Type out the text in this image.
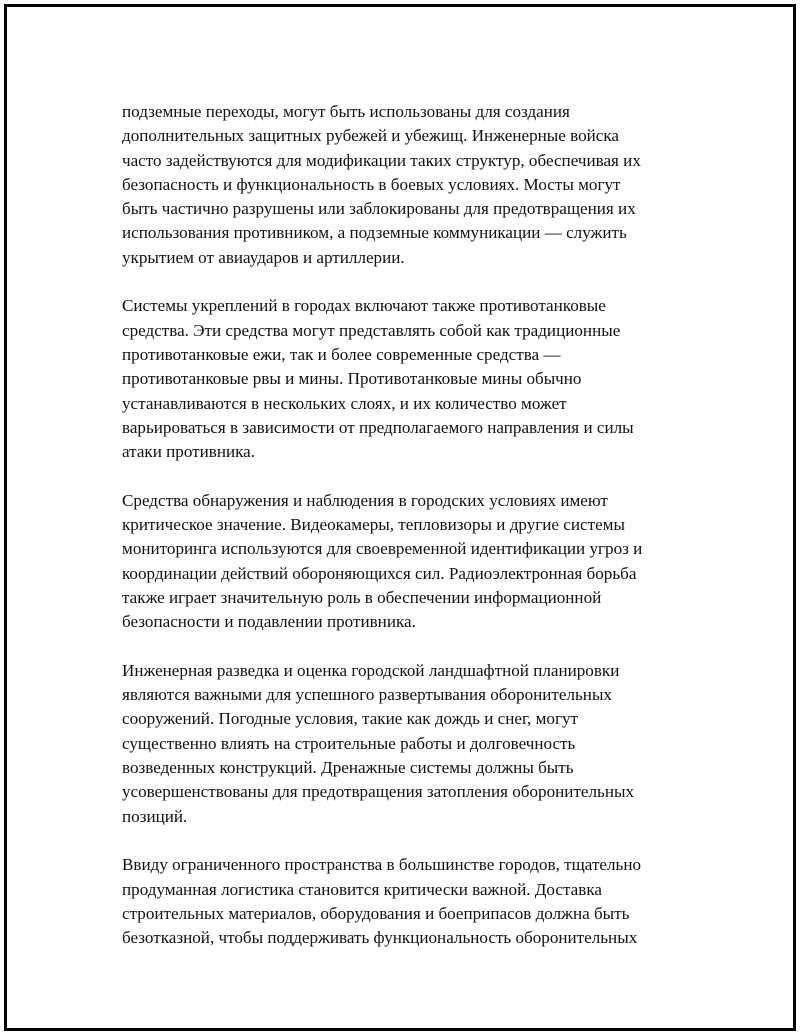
подземные переходы, могут быть использованы для создания
дополнительных защитных рубежей и убежищ. Инженерные войска
часто задействуются для модификации таких структур, обеспечивая их
безопасность и функциональность в боевых условиях. Мосты могут
быть частично разрушены или заблокированы для предотвращения их
использования противником, а подземные коммуникации — служить
укрытием от авиаударов и артиллерии.

Системы укреплений в городах включают также противотанковые
средства. Эти средства могут представлять собой как традиционные
противотанковые ежи, так и более современные средства —
противотанковые рвы и мины. Противотанковые мины обычно
устанавливаются в нескольких слоях, и их количество может
варьироваться в зависимости от предполагаемого направления и силы
атаки противника.

Средства обнаружения и наблюдения в городских условиях имеют
критическое значение. Видеокамеры, тепловизоры и другие системы
мониторинга используются для своевременной идентификации угроз и
координации действий обороняющихся сил. Радиоэлектронная борьба
также играет значительную роль в обеспечении информационной
безопасности и подавлении противника.

Инженерная разведка и оценка городской ландшафтной планировки
являются важными для успешного развертывания оборонительных
сооружений. Погодные условия, такие как дождь и снег, могут
существенно влиять на строительные работы и долговечность
возведенных конструкций. Дренажные системы должны быть
усовершенствованы для предотвращения затопления оборонительных
позиций.

Ввиду ограниченного пространства в большинстве городов, тщательно
продуманная логистика становится критически важной. Доставка
строительных материалов, оборудования и боеприпасов должна быть
безотказной, чтобы поддерживать функциональность оборонительных
